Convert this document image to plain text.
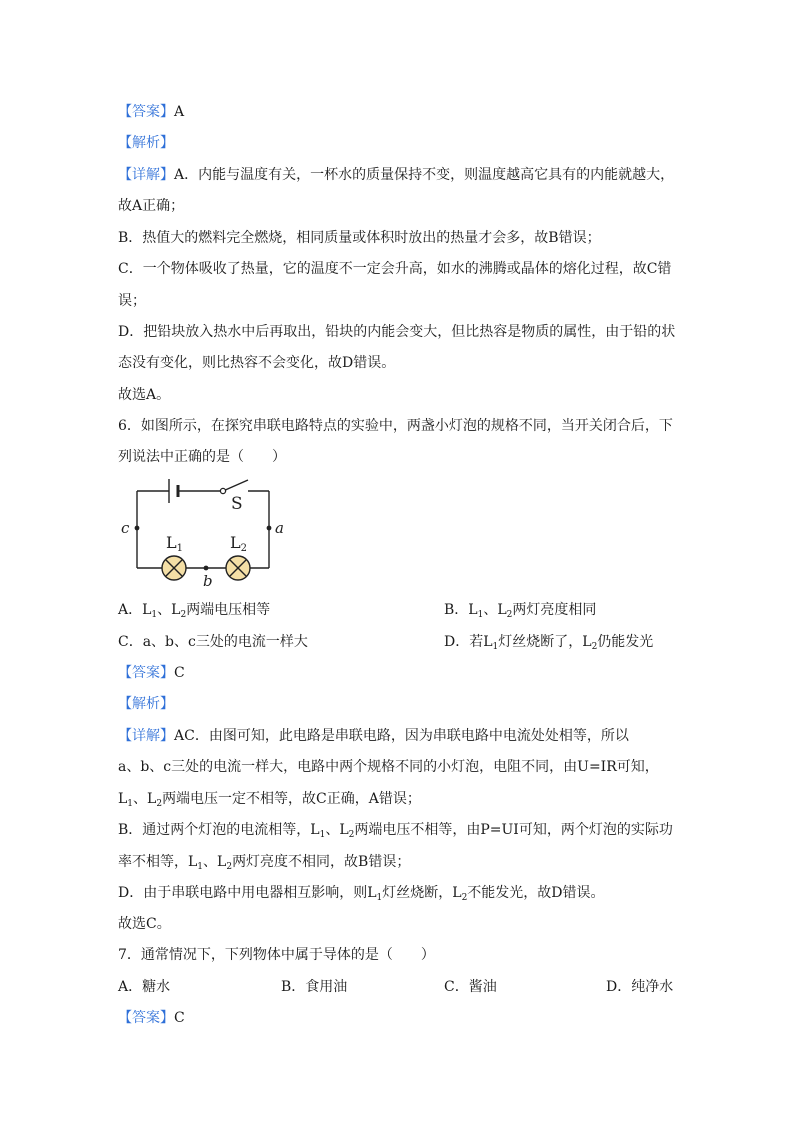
【答案】A
【解析】
【详解】A．内能与温度有关，一杯水的质量保持不变，则温度越高它具有的内能就越大，
故A正确；
B．热值大的燃料完全燃烧，相同质量或体积时放出的热量才会多，故B错误；
C．一个物体吸收了热量，它的温度不一定会升高，如水的沸腾或晶体的熔化过程，故C错
误；
D．把铅块放入热水中后再取出，铅块的内能会变大，但比热容是物质的属性，由于铅的状
态没有变化，则比热容不会变化，故D错误。
故选A。
6．如图所示，在探究串联电路特点的实验中，两盏小灯泡的规格不同，当开关闭合后，下
列说法中正确的是（　　）
S
a
b
c
L1	L2
A．$L_1$、$L_2$两端电压相等	B．$L_1$、$L_2$两灯亮度相同
C．a、b、c三处的电流一样大	D．若$L_1$灯丝烧断了，$L_2$仍能发光
【答案】C
【解析】
【详解】AC．由图可知，此电路是串联电路，因为串联电路中电流处处相等，所以
a、b、c三处的电流一样大，电路中两个规格不同的小灯泡，电阻不同，由U=IR可知，
$L_1$、$L_2$两端电压一定不相等，故C正确，A错误；
B．通过两个灯泡的电流相等，$L_1$、$L_2$两端电压不相等，由P=UI可知，两个灯泡的实际功
率不相等，$L_1$、$L_2$两灯亮度不相同，故B错误；
D．由于串联电路中用电器相互影响，则$L_1$灯丝烧断，$L_2$不能发光，故D错误。
故选C。
7．通常情况下，下列物体中属于导体的是（　　）
A．糖水	B．食用油	C．酱油	D．纯净水
【答案】C
